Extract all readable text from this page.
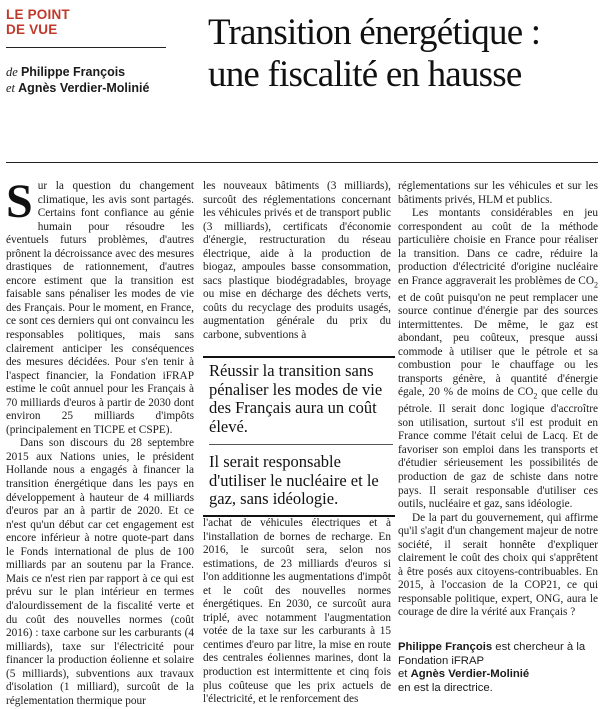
LE POINT
DE VUE
de Philippe François
et Agnès Verdier-Molinié
Transition énergétique :
une fiscalité en hausse

Sur la question du changement climatique, les avis sont partagés. Certains font confiance au génie humain pour résoudre les éventuels futurs problèmes, d'autres prônent la décroissance avec des mesures drastiques de rationnement, d'autres encore estiment que la transition est faisable sans pénaliser les modes de vie des Français. Pour le moment, en France, ce sont ces derniers qui ont convaincu les responsables politiques, mais sans clairement anticiper les conséquences des mesures décidées. Pour s'en tenir à l'aspect financier, la Fondation iFRAP estime le coût annuel pour les Français à 70 milliards d'euros à partir de 2030 dont environ 25 milliards d'impôts (principalement en TICPE et CSPE).

Dans son discours du 28 septembre 2015 aux Nations unies, le président Hollande nous a engagés à financer la transition énergétique dans les pays en développement à hauteur de 4 milliards d'euros par an à partir de 2020. Et ce n'est qu'un début car cet engagement est encore inférieur à notre quote-part dans le Fonds international de plus de 100 milliards par an soutenu par la France. Mais ce n'est rien par rapport à ce qui est prévu sur le plan intérieur en termes d'alourdissement de la fiscalité verte et du coût des nouvelles normes (coût 2016) : taxe carbone sur les carburants (4 milliards), taxe sur l'électricité pour financer la production éolienne et solaire (5 milliards), subventions aux travaux d'isolation (1 milliard), surcoût de la réglementation thermique pour

les nouveaux bâtiments (3 milliards), surcoût des réglementations concernant les véhicules privés et de transport public (3 milliards), certificats d'économie d'énergie, restructuration du réseau électrique, aide à la production de biogaz, ampoules basse consommation, sacs plastique biodégradables, broyage ou mise en décharge des déchets verts, coûts du recyclage des produits usagés, augmentation générale du prix du carbone, subventions à

Réussir la transition sans pénaliser les modes de vie des Français aura un coût élevé.
Il serait responsable d'utiliser le nucléaire et le gaz, sans idéologie.

l'achat de véhicules électriques et à l'installation de bornes de recharge. En 2016, le surcoût sera, selon nos estimations, de 23 milliards d'euros si l'on additionne les augmentations d'impôt et le coût des nouvelles normes énergétiques. En 2030, ce surcoût aura triplé, avec notamment l'augmentation votée de la taxe sur les carburants à 15 centimes d'euro par litre, la mise en route des centrales éoliennes marines, dont la production est intermittente et cinq fois plus coûteuse que les prix actuels de l'électricité, et le renforcement des

réglementations sur les véhicules et sur les bâtiments privés, HLM et publics.

Les montants considérables en jeu correspondent au coût de la méthode particulière choisie en France pour réaliser la transition. Dans ce cadre, réduire la production d'électricité d'origine nucléaire en France aggraverait les problèmes de $CO_2$ et de coût puisqu'on ne peut remplacer une source continue d'énergie par des sources intermittentes. De même, le gaz est abondant, peu coûteux, presque aussi commode à utiliser que le pétrole et sa combustion pour le chauffage ou les transports génère, à quantité d'énergie égale, 20 % de moins de $CO_2$ que celle du pétrole. Il serait donc logique d'accroître son utilisation, surtout s'il est produit en France comme l'était celui de Lacq. Et de favoriser son emploi dans les transports et d'étudier sérieusement les possibilités de production de gaz de schiste dans notre pays. Il serait responsable d'utiliser ces outils, nucléaire et gaz, sans idéologie.

De la part du gouvernement, qui affirme qu'il s'agit d'un changement majeur de notre société, il serait honnête d'expliquer clairement le coût des choix qui s'apprêtent à être posés aux citoyens-contribuables. En 2015, à l'occasion de la COP21, ce qui responsable politique, expert, ONG, aura le courage de dire la vérité aux Français ?

Philippe François est chercheur à la Fondation iFRAP
et Agnès Verdier-Molinié
en est la directrice.
